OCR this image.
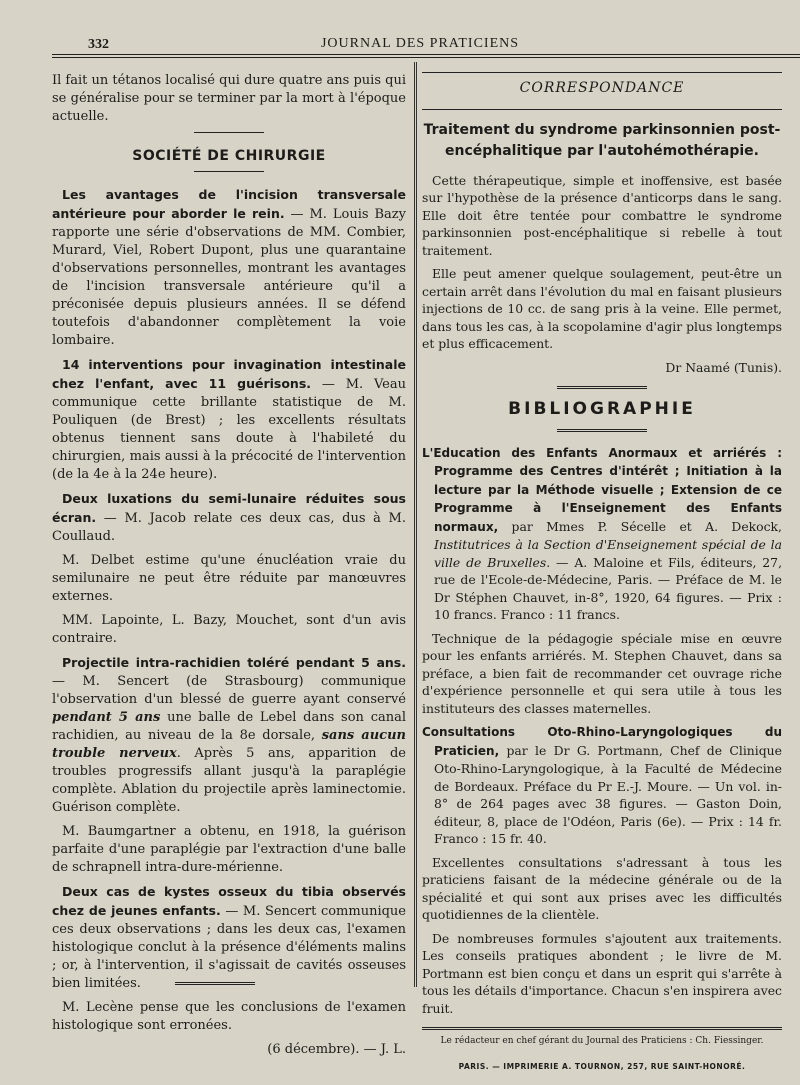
332	JOURNAL DES PRATICIENS

Il fait un tétanos localisé qui dure quatre ans puis qui se généralise pour se terminer par la mort à l'époque actuelle.

SOCIÉTÉ DE CHIRURGIE

Les avantages de l'incision transversale antérieure pour aborder le rein. — M. Louis Bazy rapporte une série d'observations de MM. Combier, Murard, Viel, Robert Dupont, plus une quarantaine d'observations personnelles, montrant les avantages de l'incision transversale antérieure qu'il a préconisée depuis plusieurs années. Il se défend toutefois d'abandonner complètement la voie lombaire.

14 interventions pour invagination intestinale chez l'enfant, avec 11 guérisons. — M. Veau communique cette brillante statistique de M. Pouliquen (de Brest) ; les excellents résultats obtenus tiennent sans doute à l'habileté du chirurgien, mais aussi à la précocité de l'intervention (de la 4e à la 24e heure).

Deux luxations du semi-lunaire réduites sous écran. — M. Jacob relate ces deux cas, dus à M. Coullaud.

M. Delbet estime qu'une énucléation vraie du semilunaire ne peut être réduite par manœuvres externes.

MM. Lapointe, L. Bazy, Mouchet, sont d'un avis contraire.

Projectile intra-rachidien toléré pendant 5 ans. — M. Sencert (de Strasbourg) communique l'observation d'un blessé de guerre ayant conservé pendant 5 ans une balle de Lebel dans son canal rachidien, au niveau de la 8e dorsale, sans aucun trouble nerveux. Après 5 ans, apparition de troubles progressifs allant jusqu'à la paraplégie complète. Ablation du projectile après laminectomie. Guérison complète.

M. Baumgartner a obtenu, en 1918, la guérison parfaite d'une paraplégie par l'extraction d'une balle de schrapnell intra-dure-mérienne.

Deux cas de kystes osseux du tibia observés chez de jeunes enfants. — M. Sencert communique ces deux observations ; dans les deux cas, l'examen histologique conclut à la présence d'éléments malins ; or, à l'intervention, il s'agissait de cavités osseuses bien limitées.

M. Lecène pense que les conclusions de l'examen histologique sont erronées.

(6 décembre). — J. L.

CORRESPONDANCE
Traitement du syndrome parkinsonnien post-encéphalitique par l'autohémothérapie.

Cette thérapeutique, simple et inoffensive, est basée sur l'hypothèse de la présence d'anticorps dans le sang. Elle doit être tentée pour combattre le syndrome parkinsonnien post-encéphalitique si rebelle à tout traitement.

Elle peut amener quelque soulagement, peut-être un certain arrêt dans l'évolution du mal en faisant plusieurs injections de 10 cc. de sang pris à la veine. Elle permet, dans tous les cas, à la scopolamine d'agir plus longtemps et plus efficacement.

Dr Naamé (Tunis).

BIBLIOGRAPHIE

L'Education des Enfants Anormaux et arriérés : Programme des Centres d'intérêt ; Initiation à la lecture par la Méthode visuelle ; Extension de ce Programme à l'Enseignement des Enfants normaux, par Mmes P. Sécelle et A. Dekock, Institutrices à la Section d'Enseignement spécial de la ville de Bruxelles. — A. Maloine et Fils, éditeurs, 27, rue de l'Ecole-de-Médecine, Paris. — Préface de M. le Dr Stéphen Chauvet, in-8°, 1920, 64 figures. — Prix : 10 francs. Franco : 11 francs.

Technique de la pédagogie spéciale mise en œuvre pour les enfants arriérés. M. Stephen Chauvet, dans sa préface, a bien fait de recommander cet ouvrage riche d'expérience personnelle et qui sera utile à tous les instituteurs des classes maternelles.

Consultations Oto-Rhino-Laryngologiques du Praticien, par le Dr G. Portmann, Chef de Clinique Oto-Rhino-Laryngologique, à la Faculté de Médecine de Bordeaux. Préface du Pr E.-J. Moure. — Un vol. in-8° de 264 pages avec 38 figures. — Gaston Doin, éditeur, 8, place de l'Odéon, Paris (6e). — Prix : 14 fr. Franco : 15 fr. 40.

Excellentes consultations s'adressant à tous les praticiens faisant de la médecine générale ou de la spécialité et qui sont aux prises avec les difficultés quotidiennes de la clientèle.

De nombreuses formules s'ajoutent aux traitements. Les conseils pratiques abondent ; le livre de M. Portmann est bien conçu et dans un esprit qui s'arrête à tous les détails d'importance. Chacun s'en inspirera avec fruit.

Le rédacteur en chef gérant du Journal des Praticiens : Ch. Fiessinger.
PARIS. — IMPRIMERIE A. TOURNON, 257, RUE SAINT-HONORÉ.
